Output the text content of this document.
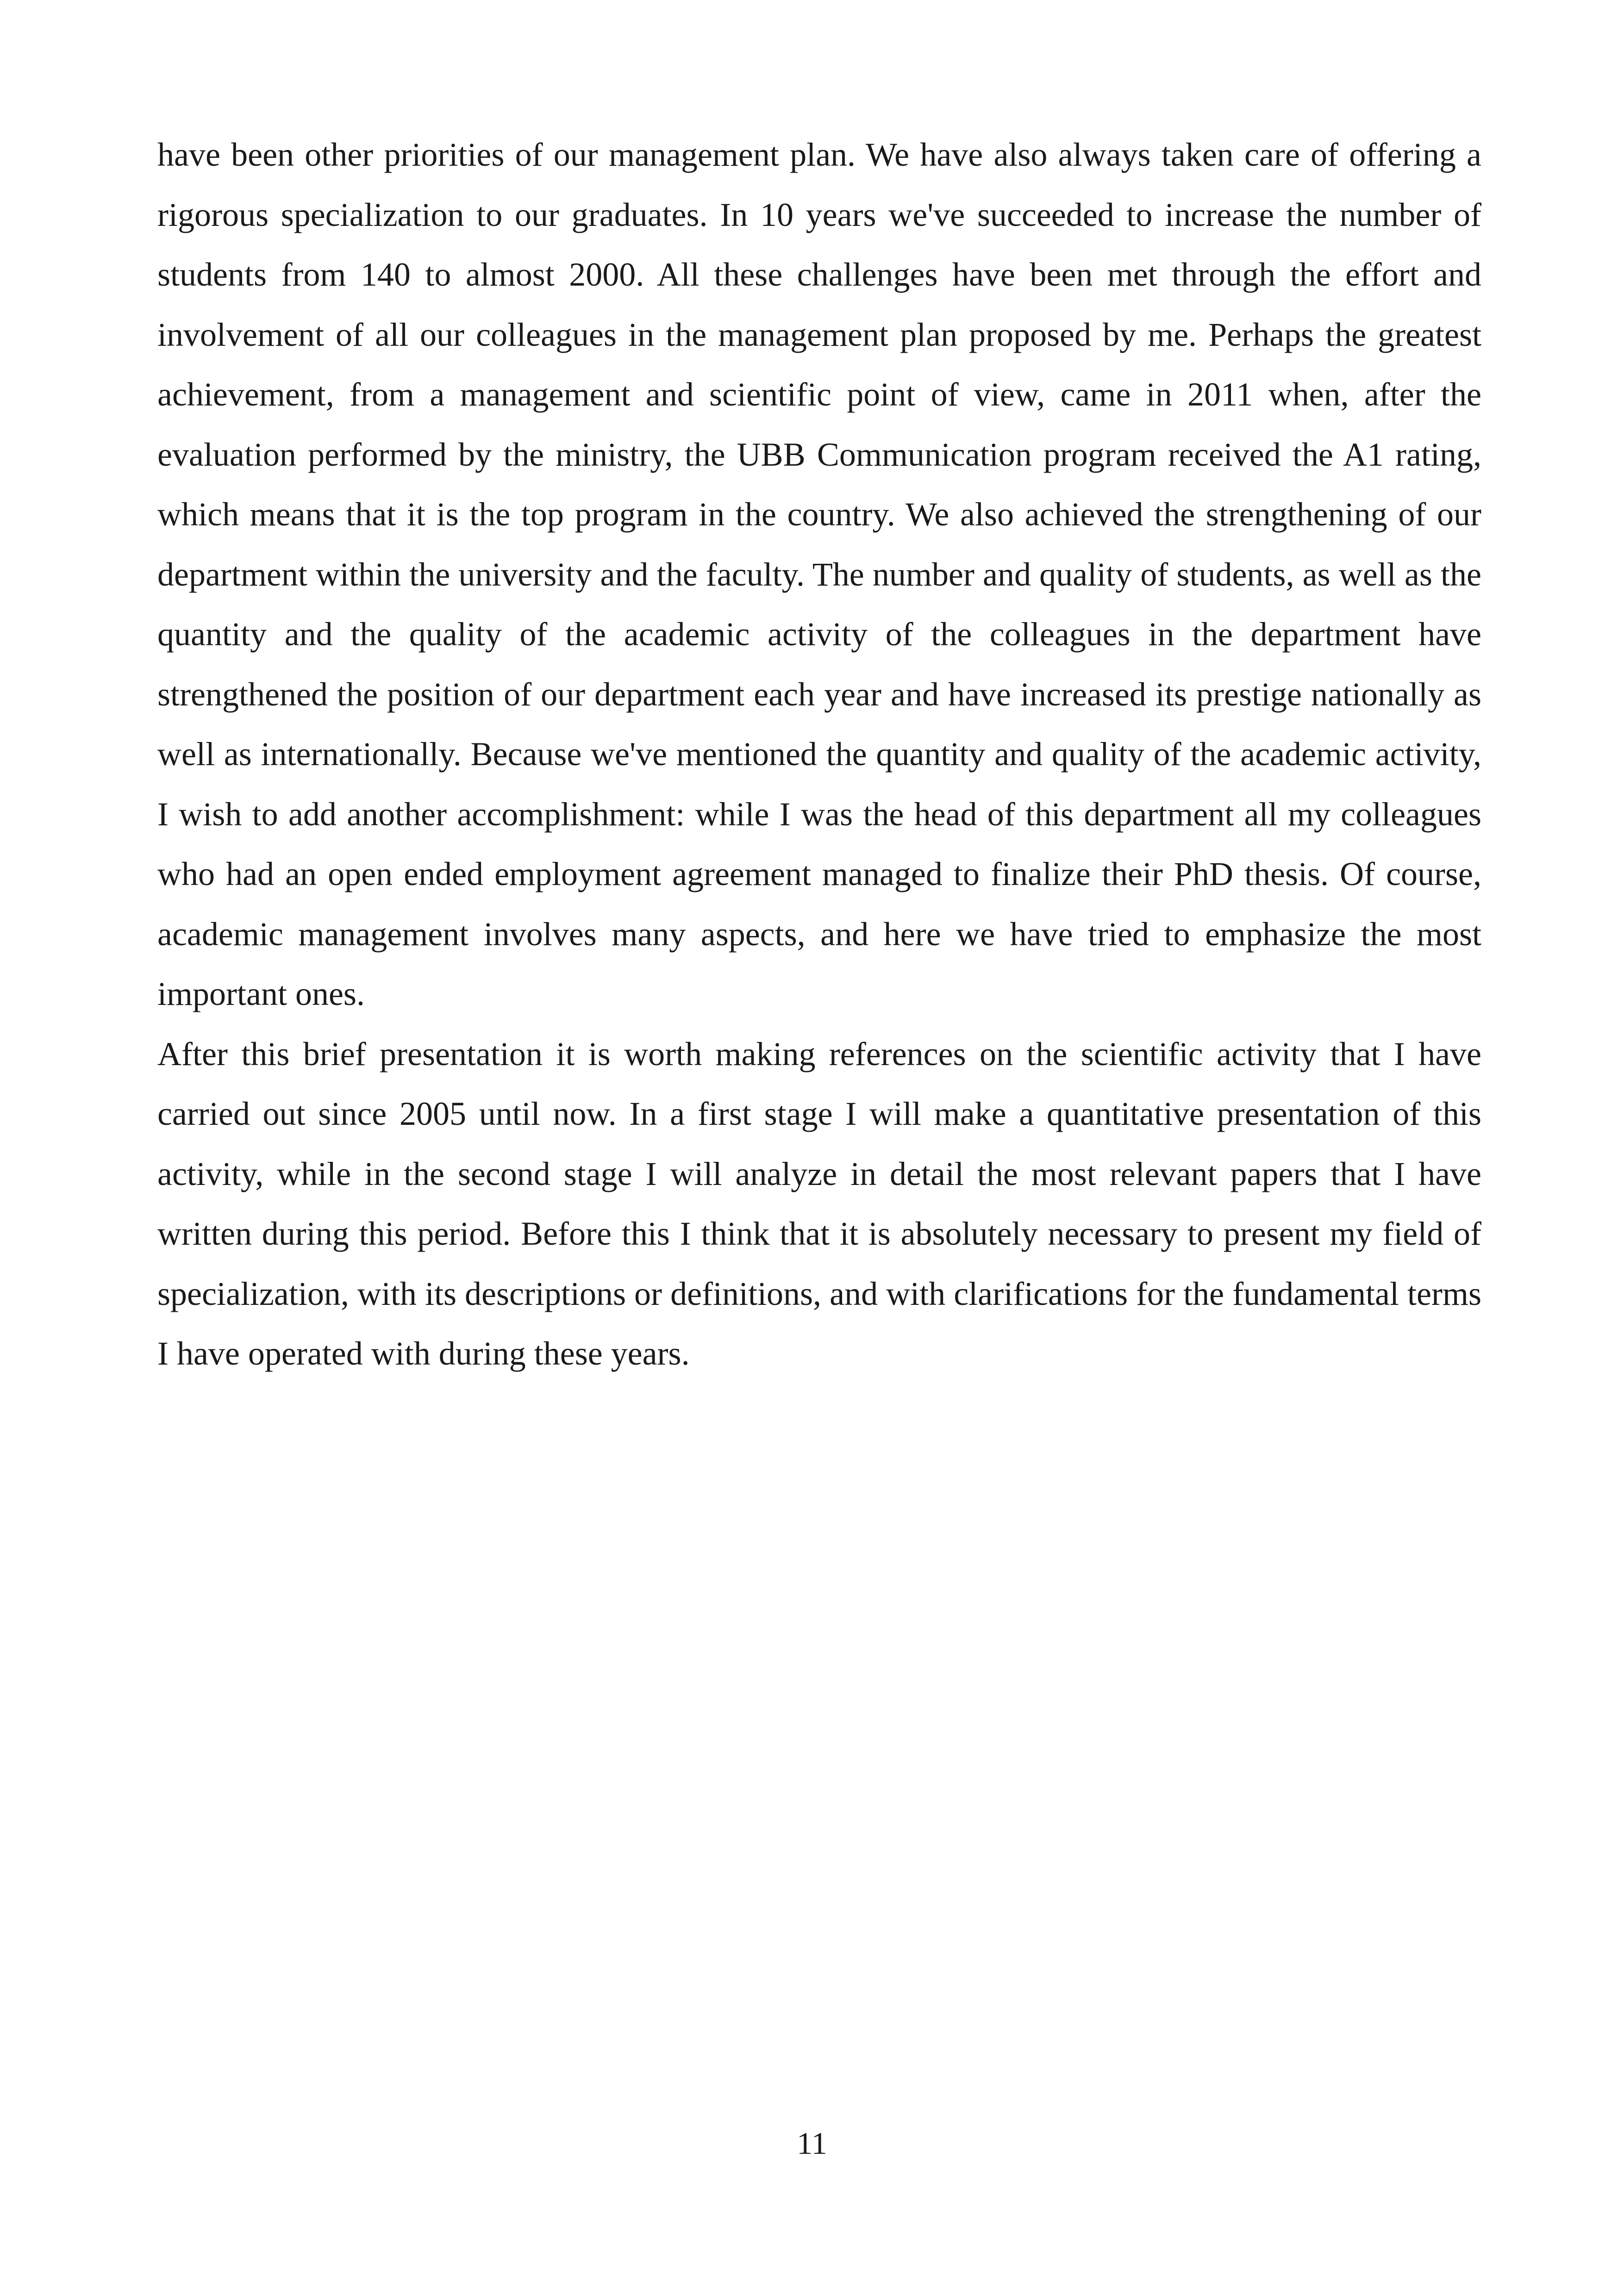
have been other priorities of our management plan. We have also always taken care of offering a rigorous specialization to our graduates. In 10 years we've succeeded to increase the number of students from 140 to almost 2000. All these challenges have been met through the effort and involvement of all our colleagues in the management plan proposed by me. Perhaps the greatest achievement, from a management and scientific point of view, came in 2011 when, after the evaluation performed by the ministry, the UBB Communication program received the A1 rating, which means that it is the top program in the country. We also achieved the strengthening of our department within the university and the faculty. The number and quality of students, as well as the quantity and the quality of the academic activity of the colleagues in the department have strengthened the position of our department each year and have increased its prestige nationally as well as internationally. Because we've mentioned the quantity and quality of the academic activity, I wish to add another accomplishment: while I was the head of this department all my colleagues who had an open ended employment agreement managed to finalize their PhD thesis. Of course, academic management involves many aspects, and here we have tried to emphasize the most important ones.

After this brief presentation it is worth making references on the scientific activity that I have carried out since 2005 until now. In a first stage I will make a quantitative presentation of this activity, while in the second stage I will analyze in detail the most relevant papers that I have written during this period. Before this I think that it is absolutely necessary to present my field of specialization, with its descriptions or definitions, and with clarifications for the fundamental terms I have operated with during these years.

11
